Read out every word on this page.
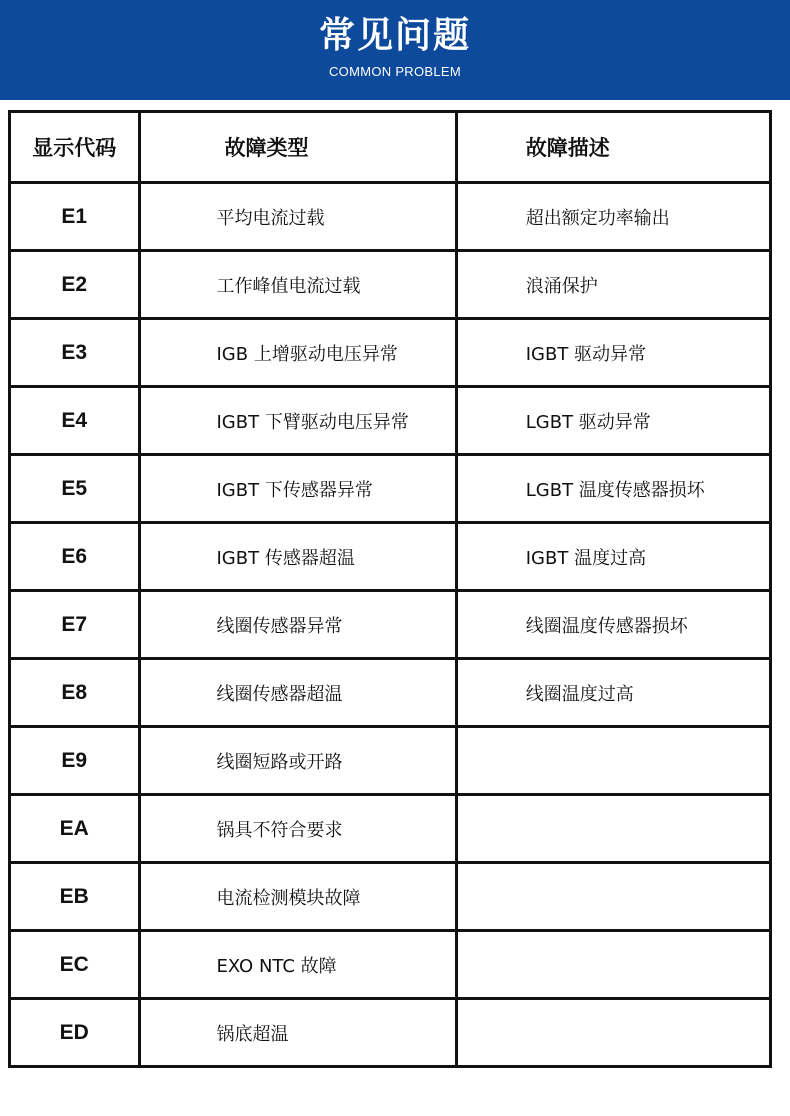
常见问题
COMMON PROBLEM
显示代码	故障类型	故障描述
E1	平均电流过载	超出额定功率输出
E2	工作峰值电流过载	浪涌保护
E3	IGB 上增驱动电压异常	IGBT 驱动异常
E4	IGBT 下臂驱动电压异常	LGBT 驱动异常
E5	IGBT 下传感器异常	LGBT 温度传感器损坏
E6	IGBT 传感器超温	IGBT 温度过高
E7	线圈传感器异常	线圈温度传感器损坏
E8	线圈传感器超温	线圈温度过高
E9	线圈短路或开路	
EA	锅具不符合要求	
EB	电流检测模块故障	
EC	EXO NTC 故障	
ED	锅底超温	
